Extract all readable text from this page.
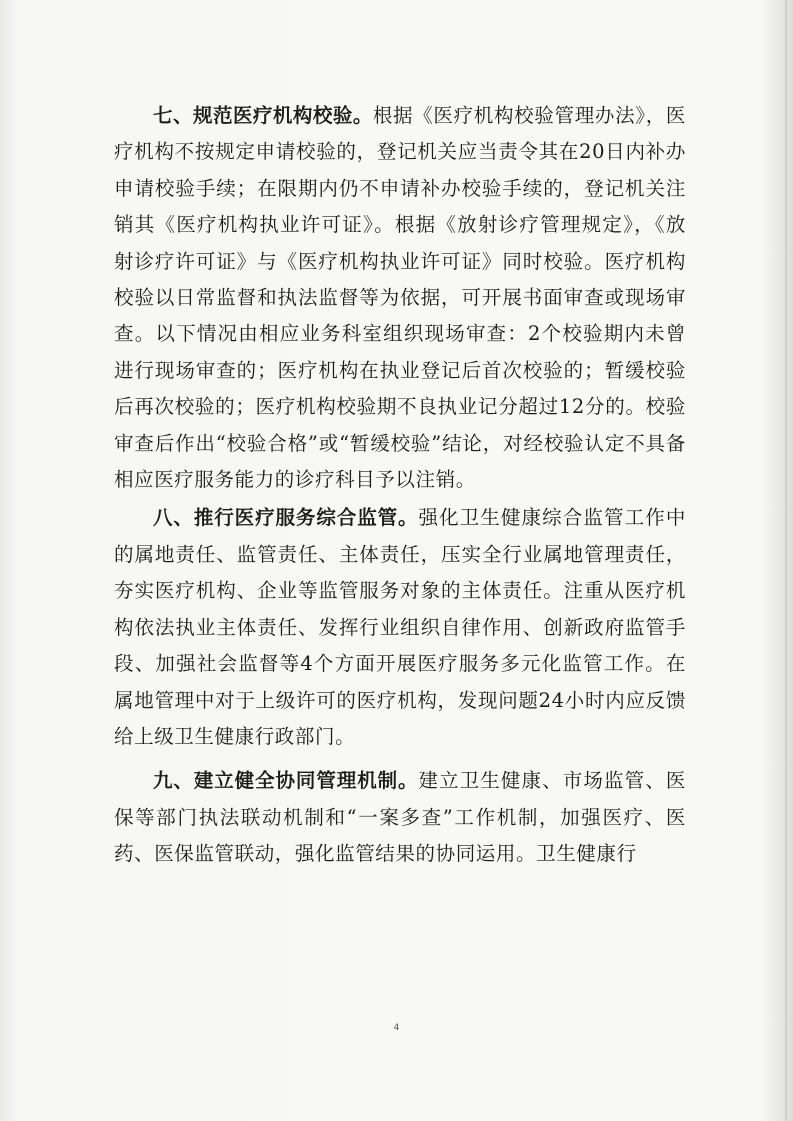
七、规范医疗机构校验。根据《医疗机构校验管理办法》，医疗机构不按规定申请校验的，登记机关应当责令其在20日内补办申请校验手续；在限期内仍不申请补办校验手续的，登记机关注销其《医疗机构执业许可证》。根据《放射诊疗管理规定》，《放射诊疗许可证》与《医疗机构执业许可证》同时校验。医疗机构校验以日常监督和执法监督等为依据，可开展书面审查或现场审查。以下情况由相应业务科室组织现场审查：2个校验期内未曾进行现场审查的；医疗机构在执业登记后首次校验的；暂缓校验后再次校验的；医疗机构校验期不良执业记分超过12分的。校验审查后作出“校验合格”或“暂缓校验”结论，对经校验认定不具备相应医疗服务能力的诊疗科目予以注销。

八、推行医疗服务综合监管。强化卫生健康综合监管工作中的属地责任、监管责任、主体责任，压实全行业属地管理责任，夯实医疗机构、企业等监管服务对象的主体责任。注重从医疗机构依法执业主体责任、发挥行业组织自律作用、创新政府监管手段、加强社会监督等4个方面开展医疗服务多元化监管工作。在属地管理中对于上级许可的医疗机构，发现问题24小时内应反馈给上级卫生健康行政部门。

九、建立健全协同管理机制。建立卫生健康、市场监管、医保等部门执法联动机制和“一案多查”工作机制，加强医疗、医药、医保监管联动，强化监管结果的协同运用。卫生健康行

4
